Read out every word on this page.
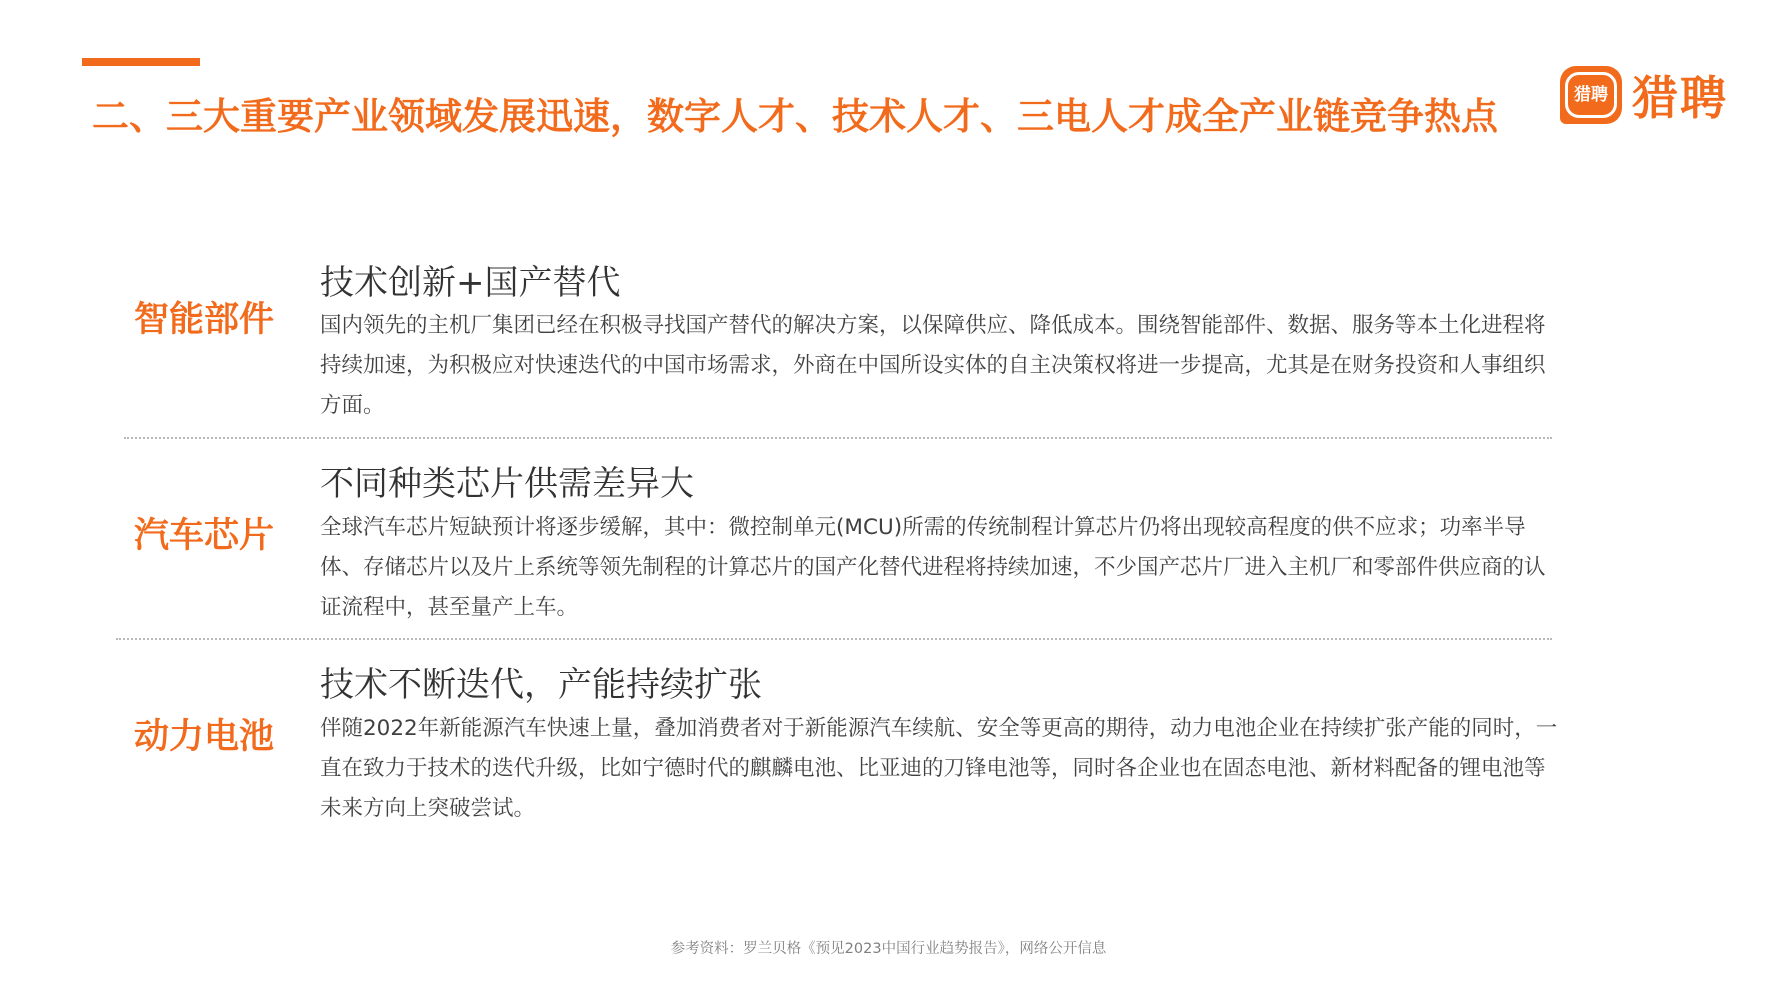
二、三大重要产业领域发展迅速，数字人才、技术人才、三电人才成全产业链竞争热点
猎聘 猎聘
智能部件
技术创新+国产替代
国内领先的主机厂集团已经在积极寻找国产替代的解决方案，以保障供应、降低成本。围绕智能部件、数据、服务等本土化进程将持续加速，为积极应对快速迭代的中国市场需求，外商在中国所设实体的自主决策权将进一步提高，尤其是在财务投资和人事组织方面。
汽车芯片
不同种类芯片供需差异大
全球汽车芯片短缺预计将逐步缓解，其中：微控制单元(MCU)所需的传统制程计算芯片仍将出现较高程度的供不应求；功率半导体、存储芯片以及片上系统等领先制程的计算芯片的国产化替代进程将持续加速，不少国产芯片厂进入主机厂和零部件供应商的认证流程中，甚至量产上车。
动力电池
技术不断迭代，产能持续扩张
伴随2022年新能源汽车快速上量，叠加消费者对于新能源汽车续航、安全等更高的期待，动力电池企业在持续扩张产能的同时，一直在致力于技术的迭代升级，比如宁德时代的麒麟电池、比亚迪的刀锋电池等，同时各企业也在固态电池、新材料配备的锂电池等未来方向上突破尝试。
参考资料：罗兰贝格《预见2023中国行业趋势报告》，网络公开信息
